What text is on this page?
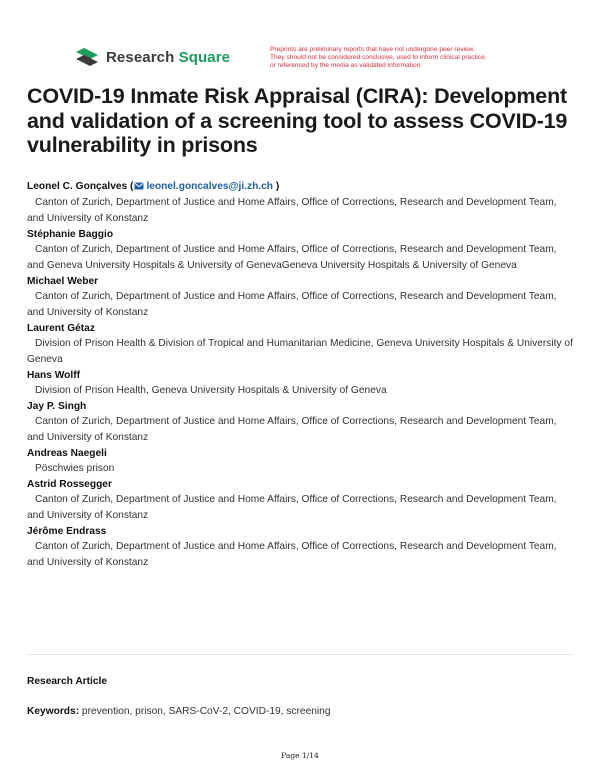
Research Square	Preprints are preliminary reports that have not undergone peer review.
They should not be considered conclusive, used to inform clinical practice,
or referenced by the media as validated information.
COVID-19 Inmate Risk Appraisal (CIRA): Development and validation of a screening tool to assess COVID-19 vulnerability in prisons
Leonel C. Gonçalves ( leonel.goncalves@ji.zh.ch )
Canton of Zurich, Department of Justice and Home Affairs, Office of Corrections, Research and Development Team, and University of Konstanz
Stéphanie Baggio
Canton of Zurich, Department of Justice and Home Affairs, Office of Corrections, Research and Development Team, and Geneva University Hospitals & University of GenevaGeneva University Hospitals & University of Geneva
Michael Weber
Canton of Zurich, Department of Justice and Home Affairs, Office of Corrections, Research and Development Team, and University of Konstanz
Laurent Gétaz
Division of Prison Health & Division of Tropical and Humanitarian Medicine, Geneva University Hospitals & University of Geneva
Hans Wolff
Division of Prison Health, Geneva University Hospitals & University of Geneva
Jay P. Singh
Canton of Zurich, Department of Justice and Home Affairs, Office of Corrections, Research and Development Team, and University of Konstanz
Andreas Naegeli
Pöschwies prison
Astrid Rossegger
Canton of Zurich, Department of Justice and Home Affairs, Office of Corrections, Research and Development Team, and University of Konstanz
Jérôme Endrass
Canton of Zurich, Department of Justice and Home Affairs, Office of Corrections, Research and Development Team, and University of Konstanz
Research Article
Keywords: prevention, prison, SARS-CoV-2, COVID-19, screening
Page 1/14
